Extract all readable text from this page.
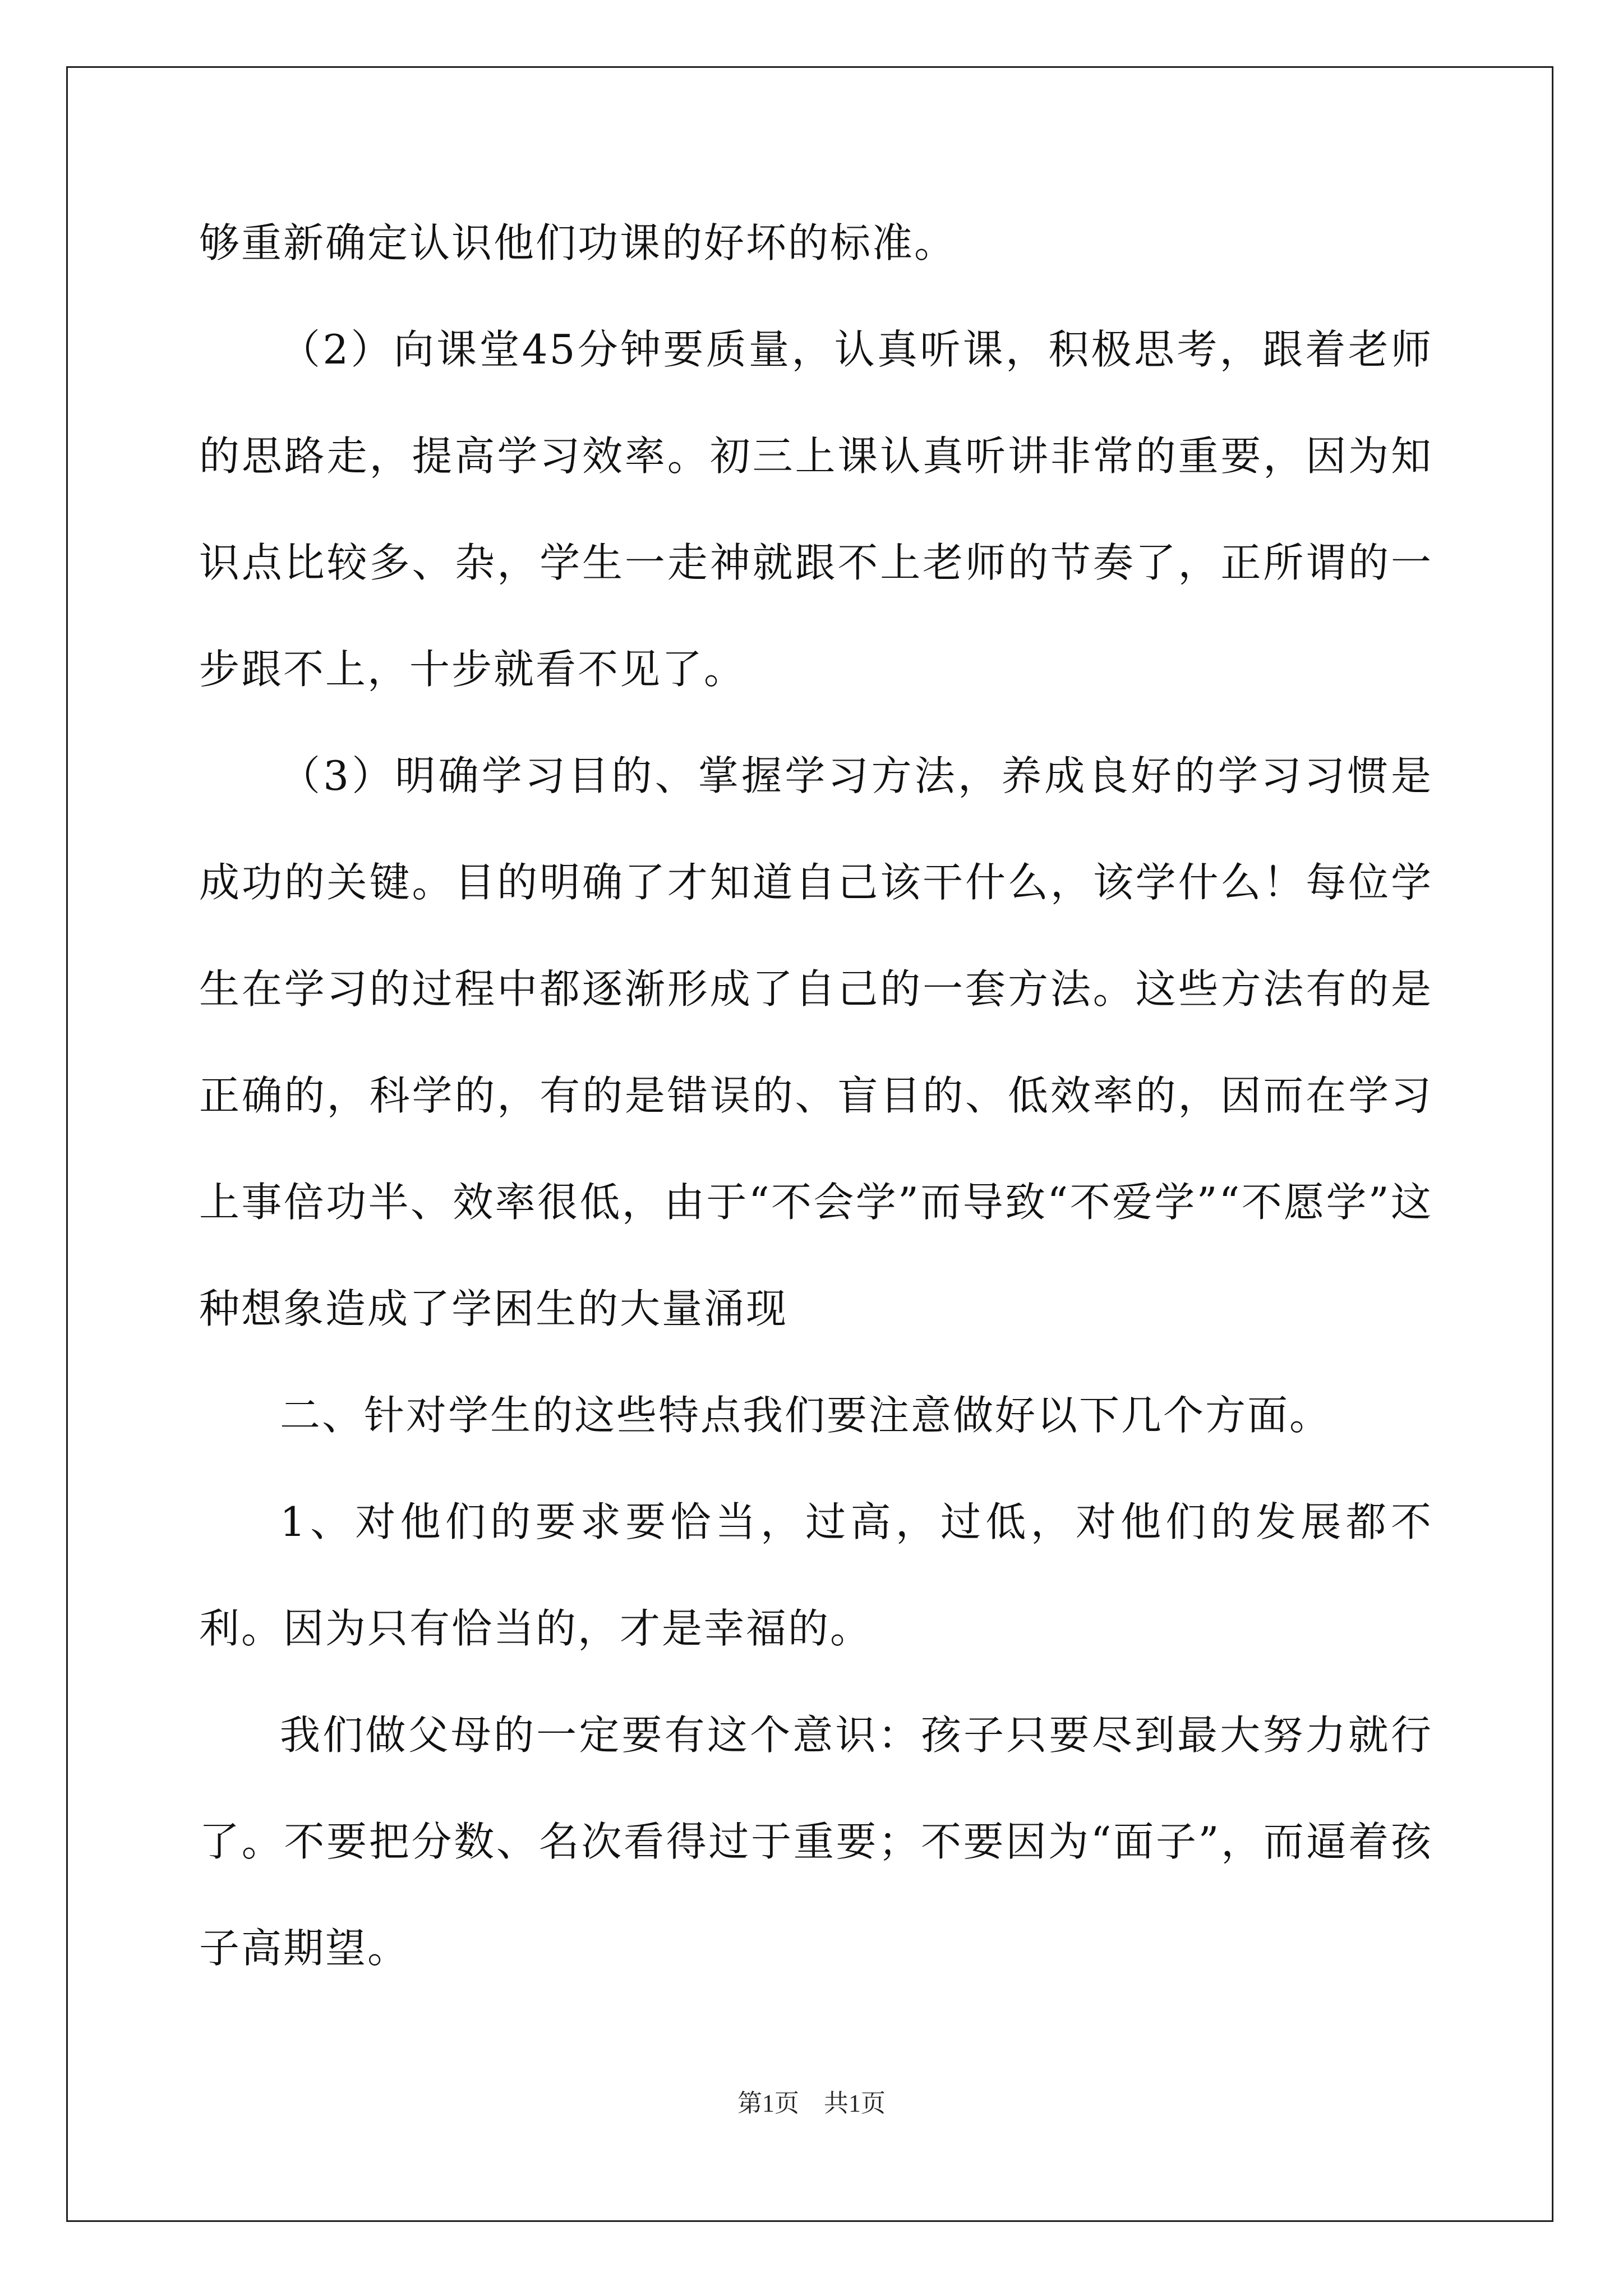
够重新确定认识他们功课的好坏的标准。

（2）向课堂45分钟要质量，认真听课，积极思考，跟着老师的思路走，提高学习效率。初三上课认真听讲非常的重要，因为知识点比较多、杂，学生一走神就跟不上老师的节奏了，正所谓的一步跟不上，十步就看不见了。

（3）明确学习目的、掌握学习方法，养成良好的学习习惯是成功的关键。目的明确了才知道自己该干什么，该学什么！每位学生在学习的过程中都逐渐形成了自己的一套方法。这些方法有的是正确的，科学的，有的是错误的、盲目的、低效率的，因而在学习上事倍功半、效率很低，由于“不会学”而导致“不爱学”“不愿学”这种想象造成了学困生的大量涌现

二、针对学生的这些特点我们要注意做好以下几个方面。

1、对他们的要求要恰当，过高，过低，对他们的发展都不利。因为只有恰当的，才是幸福的。

我们做父母的一定要有这个意识：孩子只要尽到最大努力就行了。不要把分数、名次看得过于重要；不要因为“面子”，而逼着孩子高期望。

第1页　共1页
